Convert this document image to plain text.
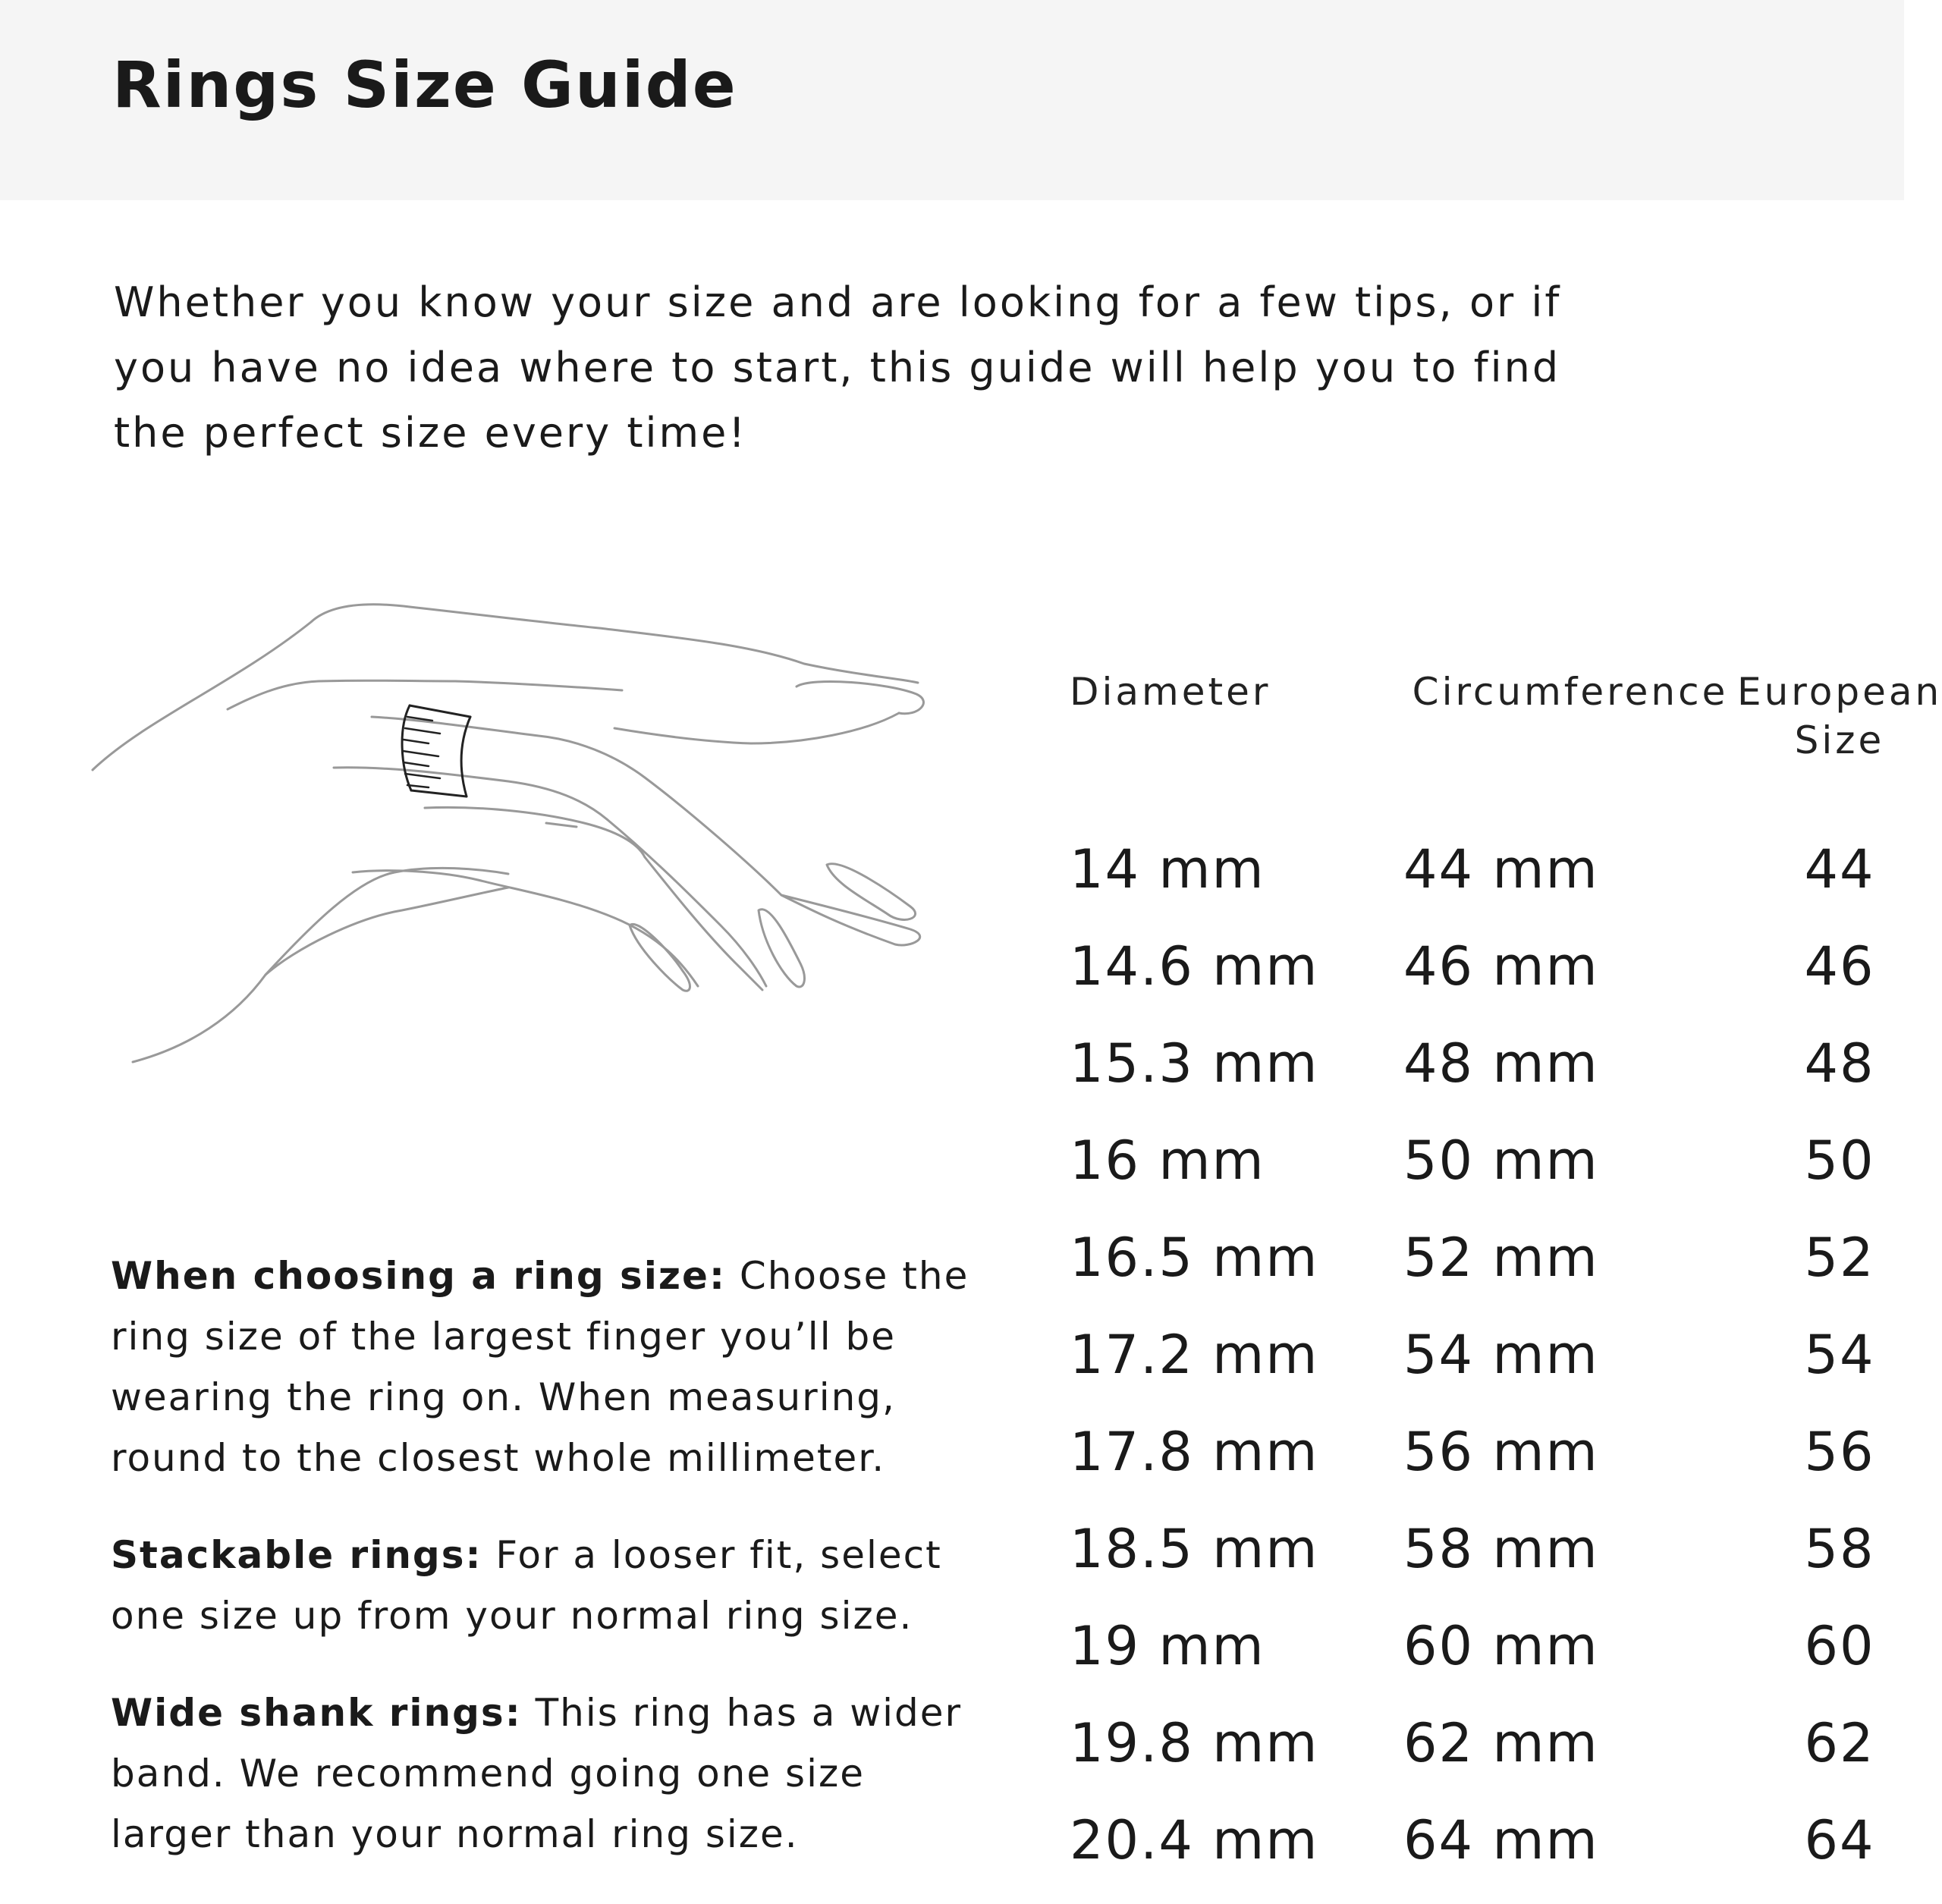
Rings Size Guide

Whether you know your size and are looking for a few tips, or if you have no idea where to start, this guide will help you to find the perfect size every time!

When choosing a ring size: Choose the ring size of the largest finger you’ll be wearing the ring on. When measuring, round to the closest whole millimeter.

Stackable rings: For a looser fit, select one size up from your normal ring size.

Wide shank rings: This ring has a wider band. We recommend going one size larger than your normal ring size.

Diameter	Circumference	European Size
14 mm	44 mm	44
14.6 mm	46 mm	46
15.3 mm	48 mm	48
16 mm	50 mm	50
16.5 mm	52 mm	52
17.2 mm	54 mm	54
17.8 mm	56 mm	56
18.5 mm	58 mm	58
19 mm	60 mm	60
19.8 mm	62 mm	62
20.4 mm	64 mm	64
